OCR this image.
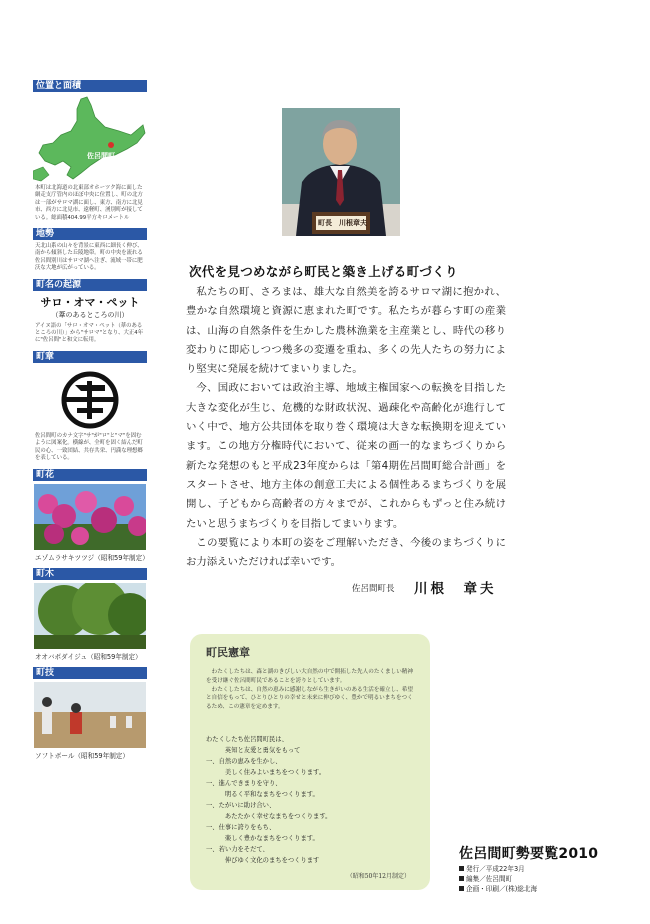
位置と面積
佐呂間町
本町は北海道の北東部オホーツク海に面した網走支庁管内のほぼ中央に位置し、町の北方は一部がサロマ湖に面し、東方、南方に北見市、西方に北見市、遠軽町、湧別町が接している。総面積404.99平方キロメートル
地勢
天北山系の山々を背景に東西に細長く伸び、南から傾斜した丘陵地帯。町の中央を流れる佐呂間別川はサロマ湖へ注ぎ、流域一帯に肥沃な大地が広がっている。
町名の起源
サロ・オマ・ペット
（葦のあるところの川）
アイヌ語の「サロ・オマ・ペット（葦のあるところの川）」から"サロマ"となり、大正4年に"佐呂間"と和文に転用。
町章
佐呂間町のカナ文字"サ"が"ロ"と"マ"を固むように図案化。横線が、全町を固く結んだ町民の心、一致団結、共存共栄、円満な理想郷を表している。
町花
エゾムラサキツツジ（昭和59年制定）
町木
オオバボダイジュ（昭和59年制定）
町技
ソフトボール（昭和59年制定）
町長　川根章夫
次代を見つめながら町民と築き上げる町づくり

私たちの町、さろまは、雄大な自然美を誇るサロマ湖に抱かれ、豊かな自然環境と資源に恵まれた町です。私たちが暮らす町の産業は、山海の自然条件を生かした農林漁業を主産業とし、時代の移り変わりに即応しつつ幾多の変遷を重ね、多くの先人たちの努力により堅実に発展を続けてまいりました。

今、国政においては政治主導、地域主権国家への転換を目指した大きな変化が生じ、危機的な財政状況、過疎化や高齢化が進行していく中で、地方公共団体を取り巻く環境は大きな転換期を迎えています。この地方分権時代において、従来の画一的なまちづくりから新たな発想のもと平成23年度からは「第4期佐呂間町総合計画」をスタートさせ、地方主体の創意工夫による個性あるまちづくりを展開し、子どもから高齢者の方々までが、これからもずっと住み続けたいと思うまちづくりを目指してまいります。

この要覧により本町の姿をご理解いただき、今後のまちづくりにお力添えいただければ幸いです。

佐呂間町長 川根　章夫
町民憲章

わたくしたちは、森と湖のきびしい大自然の中で開拓した先人のたくましい精神を受け継ぐ佐呂間町民であることを誇りとしています。

わたくしたちは、自然の恵みに感謝しながら生きがいのある生活を確立し、希望と自信をもって、ひとりひとりの幸せと未来に伸びゆく、豊かで明るいまちをつくるため、この憲章を定めます。

わたくしたち佐呂間町民は、
　　　英知と友愛と勇気をもって
一、自然の恵みを生かし、
　　　美しく住みよいまちをつくります。
一、進んできまりを守り、
　　　明るく平和なまちをつくります。
一、たがいに助け合い、
　　　あたたかく幸せなまちをつくります。
一、仕事に誇りをもち、
　　　楽しく豊かなまちをつくります。
一、若い力をそだて、
　　　伸びゆく文化のまちをつくります
（昭和50年12月制定）
佐呂間町勢要覧2010
発行／平成22年3月
編集／佐呂間町
企画・印刷／(株)総北海
